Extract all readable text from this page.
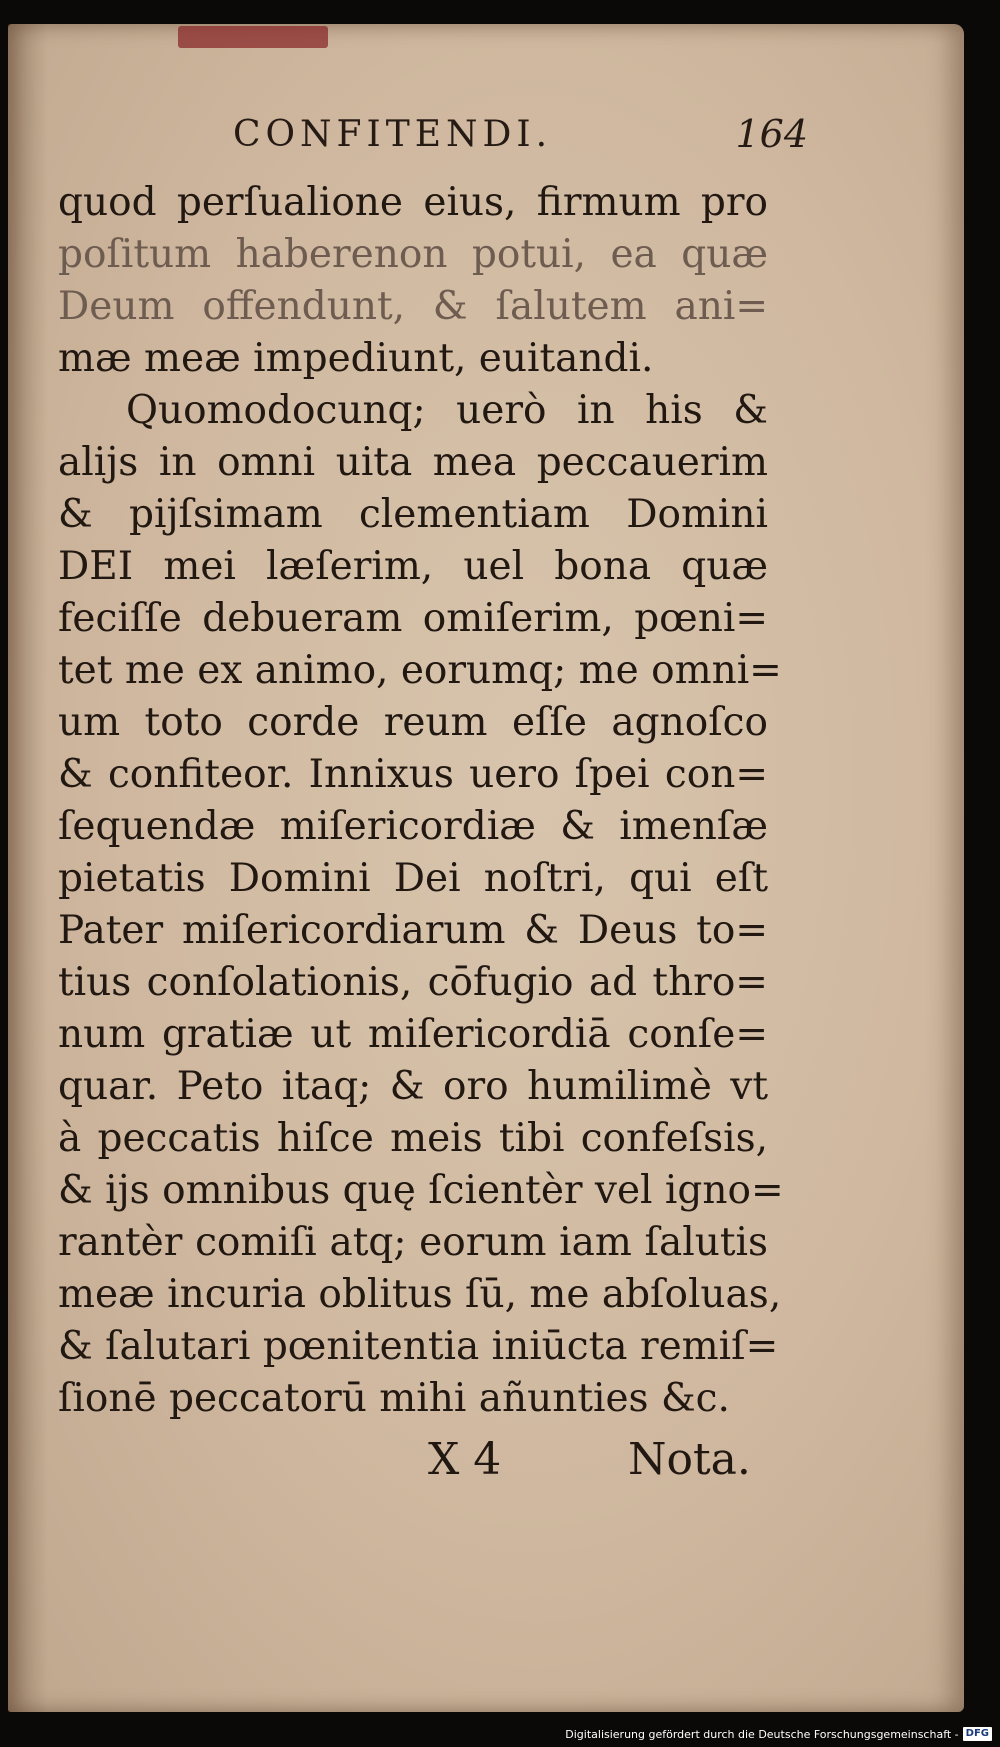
CONFITENDI.	164
quod perſualione eius, firmum pro
poſitum haberenon potui, ea quæ
Deum offendunt, & ſalutem ani=
mæ meæ impediunt, euitandi.
Quomodocunq; uerò in his &
alijs in omni uita mea peccauerim
& pijſsimam clementiam Domini
DEI mei læſerim, uel bona quæ
feciſſe debueram omiſerim, pœni=
tet me ex animo, eorumq; me omni=
um toto corde reum eſſe agnoſco
& confiteor. Innixus uero ſpei con=
ſequendæ miſericordiæ & imenſæ
pietatis Domini Dei noſtri, qui eſt
Pater miſericordiarum & Deus to=
tius conſolationis, cōfugio ad thro=
num gratiæ ut miſericordiā conſe=
quar. Peto itaq; & oro humilimè vt
à peccatis hiſce meis tibi confeſsis,
& ijs omnibus quę ſcientèr vel igno=
rantèr comiſi atq; eorum iam ſalutis
meæ incuria oblitus ſū, me abſoluas,
& ſalutari pœnitentia iniūcta remiſ=
ſionē peccatorū mihi añunties &c.
X 4	Nota.
Digitalisierung gefördert durch die Deutsche Forschungsgemeinschaft - DFG
